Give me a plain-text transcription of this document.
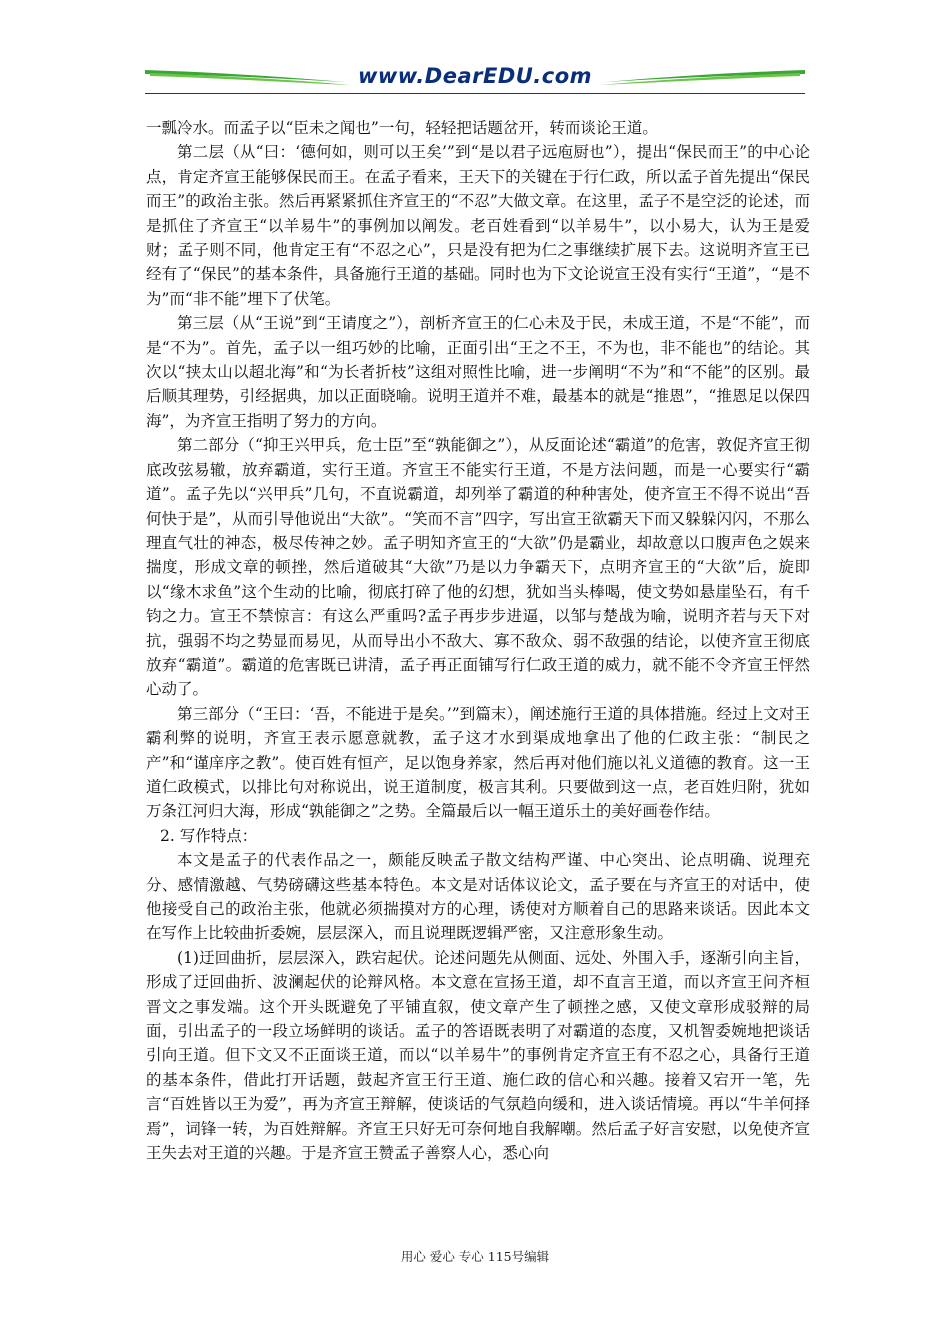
www.DearEDU.com

一瓢冷水。而孟子以“臣未之闻也”一句，轻轻把话题岔开，转而谈论王道。

第二层（从“曰：‘德何如，则可以王矣’”到“是以君子远庖厨也”），提出“保民而王”的中心论点，肯定齐宣王能够保民而王。在孟子看来，王天下的关键在于行仁政，所以孟子首先提出“保民而王”的政治主张。然后再紧紧抓住齐宣王的“不忍”大做文章。在这里，孟子不是空泛的论述，而是抓住了齐宣王“以羊易牛”的事例加以阐发。老百姓看到“以羊易牛”，以小易大，认为王是爱财；孟子则不同，他肯定王有“不忍之心”，只是没有把为仁之事继续扩展下去。这说明齐宣王已经有了“保民”的基本条件，具备施行王道的基础。同时也为下文论说宣王没有实行“王道”，“是不为”而“非不能”埋下了伏笔。

第三层（从“王说”到“王请度之”），剖析齐宣王的仁心未及于民，未成王道，不是“不能”，而是“不为”。首先，孟子以一组巧妙的比喻，正面引出“王之不王，不为也，非不能也”的结论。其次以“挟太山以超北海”和“为长者折枝”这组对照性比喻，进一步阐明“不为”和“不能”的区别。最后顺其理势，引经据典，加以正面晓喻。说明王道并不难，最基本的就是“推恩”，“推恩足以保四海”，为齐宣王指明了努力的方向。

第二部分（“抑王兴甲兵，危士臣”至“孰能御之”），从反面论述“霸道”的危害，敦促齐宣王彻底改弦易辙，放弃霸道，实行王道。齐宣王不能实行王道，不是方法问题，而是一心要实行“霸道”。孟子先以“兴甲兵”几句，不直说霸道，却列举了霸道的种种害处，使齐宣王不得不说出“吾何快于是”，从而引导他说出“大欲”。“笑而不言”四字，写出宣王欲霸天下而又躲躲闪闪，不那么理直气壮的神态，极尽传神之妙。孟子明知齐宣王的“大欲”仍是霸业，却故意以口腹声色之娱来揣度，形成文章的顿挫，然后道破其“大欲”乃是以力争霸天下，点明齐宣王的“大欲”后，旋即以“缘木求鱼”这个生动的比喻，彻底打碎了他的幻想，犹如当头棒喝，使文势如悬崖坠石，有千钧之力。宣王不禁惊言：有这么严重吗?孟子再步步进逼，以邹与楚战为喻，说明齐若与天下对抗，强弱不均之势显而易见，从而导出小不敌大、寡不敌众、弱不敌强的结论，以使齐宣王彻底放弃“霸道”。霸道的危害既已讲清，孟子再正面铺写行仁政王道的威力，就不能不令齐宣王怦然心动了。

第三部分（“王曰：‘吾，不能进于是矣。’”到篇末），阐述施行王道的具体措施。经过上文对王霸利弊的说明，齐宣王表示愿意就教，孟子这才水到渠成地拿出了他的仁政主张：“制民之产”和“谨庠序之教”。使百姓有恒产，足以饱身养家，然后再对他们施以礼义道德的教育。这一王道仁政模式，以排比句对称说出，说王道制度，极言其利。只要做到这一点，老百姓归附，犹如万条江河归大海，形成“孰能御之”之势。全篇最后以一幅王道乐土的美好画卷作结。

2. 写作特点：

本文是孟子的代表作品之一，颇能反映孟子散文结构严谨、中心突出、论点明确、说理充分、感情激越、气势磅礴这些基本特色。本文是对话体议论文，孟子要在与齐宣王的对话中，使他接受自己的政治主张，他就必须揣摸对方的心理，诱使对方顺着自己的思路来谈话。因此本文在写作上比较曲折委婉，层层深入，而且说理既逻辑严密，又注意形象生动。

(1)迂回曲折，层层深入，跌宕起伏。论述问题先从侧面、远处、外围入手，逐渐引向主旨，形成了迂回曲折、波澜起伏的论辩风格。本文意在宣扬王道，却不直言王道，而以齐宣王问齐桓晋文之事发端。这个开头既避免了平铺直叙，使文章产生了顿挫之感，又使文章形成驳辩的局面，引出孟子的一段立场鲜明的谈话。孟子的答语既表明了对霸道的态度，又机智委婉地把谈话引向王道。但下文又不正面谈王道，而以“以羊易牛”的事例肯定齐宣王有不忍之心，具备行王道的基本条件，借此打开话题，鼓起齐宣王行王道、施仁政的信心和兴趣。接着又宕开一笔，先言“百姓皆以王为爱”，再为齐宣王辩解，使谈话的气氛趋向缓和，进入谈话情境。再以“牛羊何择焉”，词锋一转，为百姓辩解。齐宣王只好无可奈何地自我解嘲。然后孟子好言安慰，以免使齐宣王失去对王道的兴趣。于是齐宣王赞孟子善察人心，悉心向

用心 爱心 专心 115号编辑
